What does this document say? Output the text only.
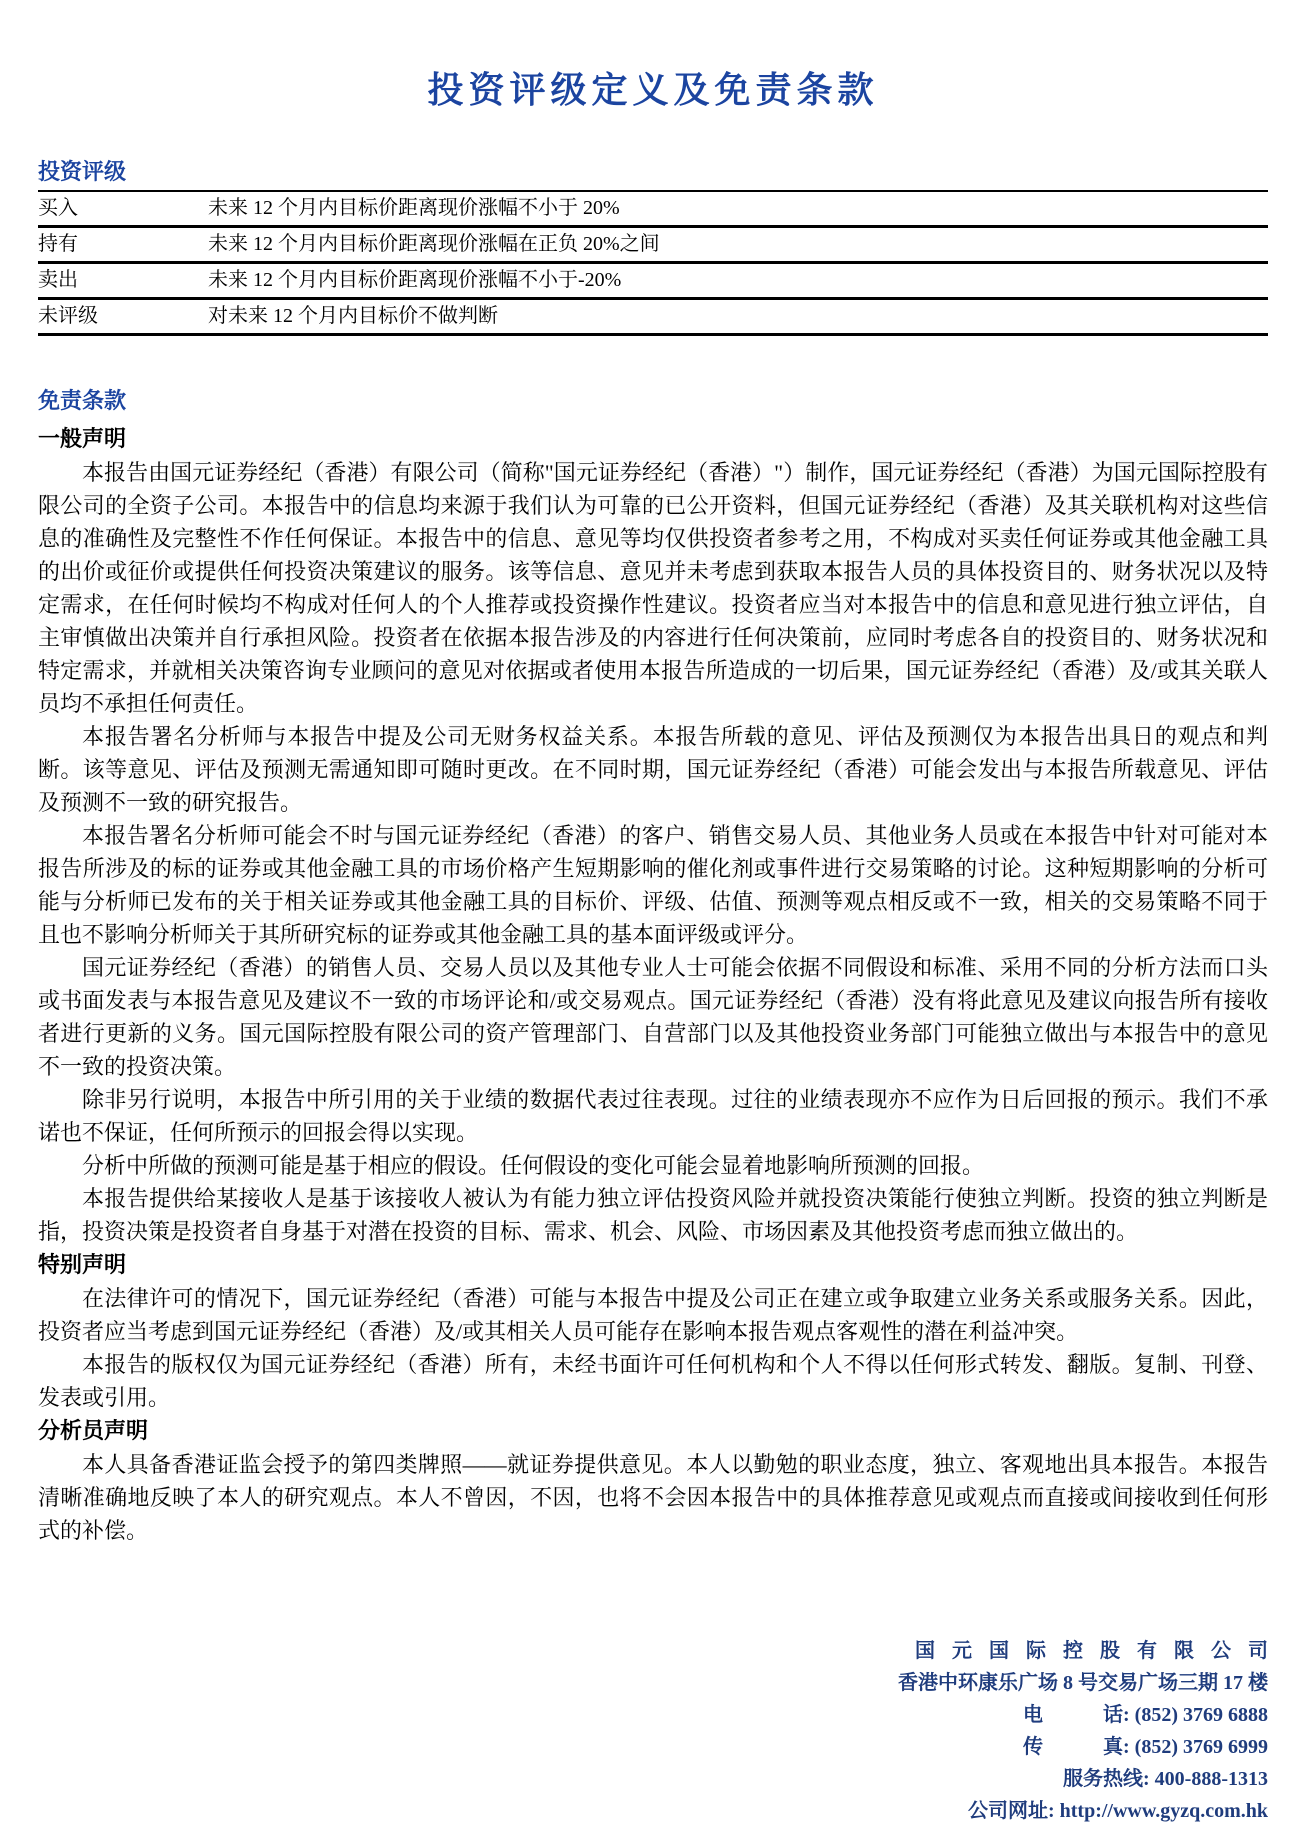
投资评级定义及免责条款
投资评级
买入	未来 12 个月内目标价距离现价涨幅不小于 20%
持有	未来 12 个月内目标价距离现价涨幅在正负 20%之间
卖出	未来 12 个月内目标价距离现价涨幅不小于-20%
未评级	对未来 12 个月内目标价不做判断
免责条款
一般声明

本报告由国元证券经纪（香港）有限公司（简称"国元证券经纪（香港）"）制作，国元证券经纪（香港）为国元国际控股有限公司的全资子公司。本报告中的信息均来源于我们认为可靠的已公开资料，但国元证券经纪（香港）及其关联机构对这些信息的准确性及完整性不作任何保证。本报告中的信息、意见等均仅供投资者参考之用，不构成对买卖任何证券或其他金融工具的出价或征价或提供任何投资决策建议的服务。该等信息、意见并未考虑到获取本报告人员的具体投资目的、财务状况以及特定需求，在任何时候均不构成对任何人的个人推荐或投资操作性建议。投资者应当对本报告中的信息和意见进行独立评估，自主审慎做出决策并自行承担风险。投资者在依据本报告涉及的内容进行任何决策前，应同时考虑各自的投资目的、财务状况和特定需求，并就相关决策咨询专业顾问的意见对依据或者使用本报告所造成的一切后果，国元证券经纪（香港）及/或其关联人员均不承担任何责任。

本报告署名分析师与本报告中提及公司无财务权益关系。本报告所载的意见、评估及预测仅为本报告出具日的观点和判断。该等意见、评估及预测无需通知即可随时更改。在不同时期，国元证券经纪（香港）可能会发出与本报告所载意见、评估及预测不一致的研究报告。

本报告署名分析师可能会不时与国元证券经纪（香港）的客户、销售交易人员、其他业务人员或在本报告中针对可能对本报告所涉及的标的证券或其他金融工具的市场价格产生短期影响的催化剂或事件进行交易策略的讨论。这种短期影响的分析可能与分析师已发布的关于相关证券或其他金融工具的目标价、评级、估值、预测等观点相反或不一致，相关的交易策略不同于且也不影响分析师关于其所研究标的证券或其他金融工具的基本面评级或评分。

国元证券经纪（香港）的销售人员、交易人员以及其他专业人士可能会依据不同假设和标准、采用不同的分析方法而口头或书面发表与本报告意见及建议不一致的市场评论和/或交易观点。国元证券经纪（香港）没有将此意见及建议向报告所有接收者进行更新的义务。国元国际控股有限公司的资产管理部门、自营部门以及其他投资业务部门可能独立做出与本报告中的意见不一致的投资决策。

除非另行说明，本报告中所引用的关于业绩的数据代表过往表现。过往的业绩表现亦不应作为日后回报的预示。我们不承诺也不保证，任何所预示的回报会得以实现。

分析中所做的预测可能是基于相应的假设。任何假设的变化可能会显着地影响所预测的回报。

本报告提供给某接收人是基于该接收人被认为有能力独立评估投资风险并就投资决策能行使独立判断。投资的独立判断是指，投资决策是投资者自身基于对潜在投资的目标、需求、机会、风险、市场因素及其他投资考虑而独立做出的。

特别声明

在法律许可的情况下，国元证券经纪（香港）可能与本报告中提及公司正在建立或争取建立业务关系或服务关系。因此，投资者应当考虑到国元证券经纪（香港）及/或其相关人员可能存在影响本报告观点客观性的潜在利益冲突。

本报告的版权仅为国元证券经纪（香港）所有，未经书面许可任何机构和个人不得以任何形式转发、翻版。复制、刊登、发表或引用。

分析员声明

本人具备香港证监会授予的第四类牌照——就证券提供意见。本人以勤勉的职业态度，独立、客观地出具本报告。本报告清晰准确地反映了本人的研究观点。本人不曾因，不因，也将不会因本报告中的具体推荐意见或观点而直接或间接收到任何形式的补偿。

国元国际控股有限公司
香港中环康乐广场 8 号交易广场三期 17 楼
电　　　话: (852) 3769 6888
传　　　真: (852) 3769 6999
服务热线: 400-888-1313
公司网址: http://www.gyzq.com.hk
